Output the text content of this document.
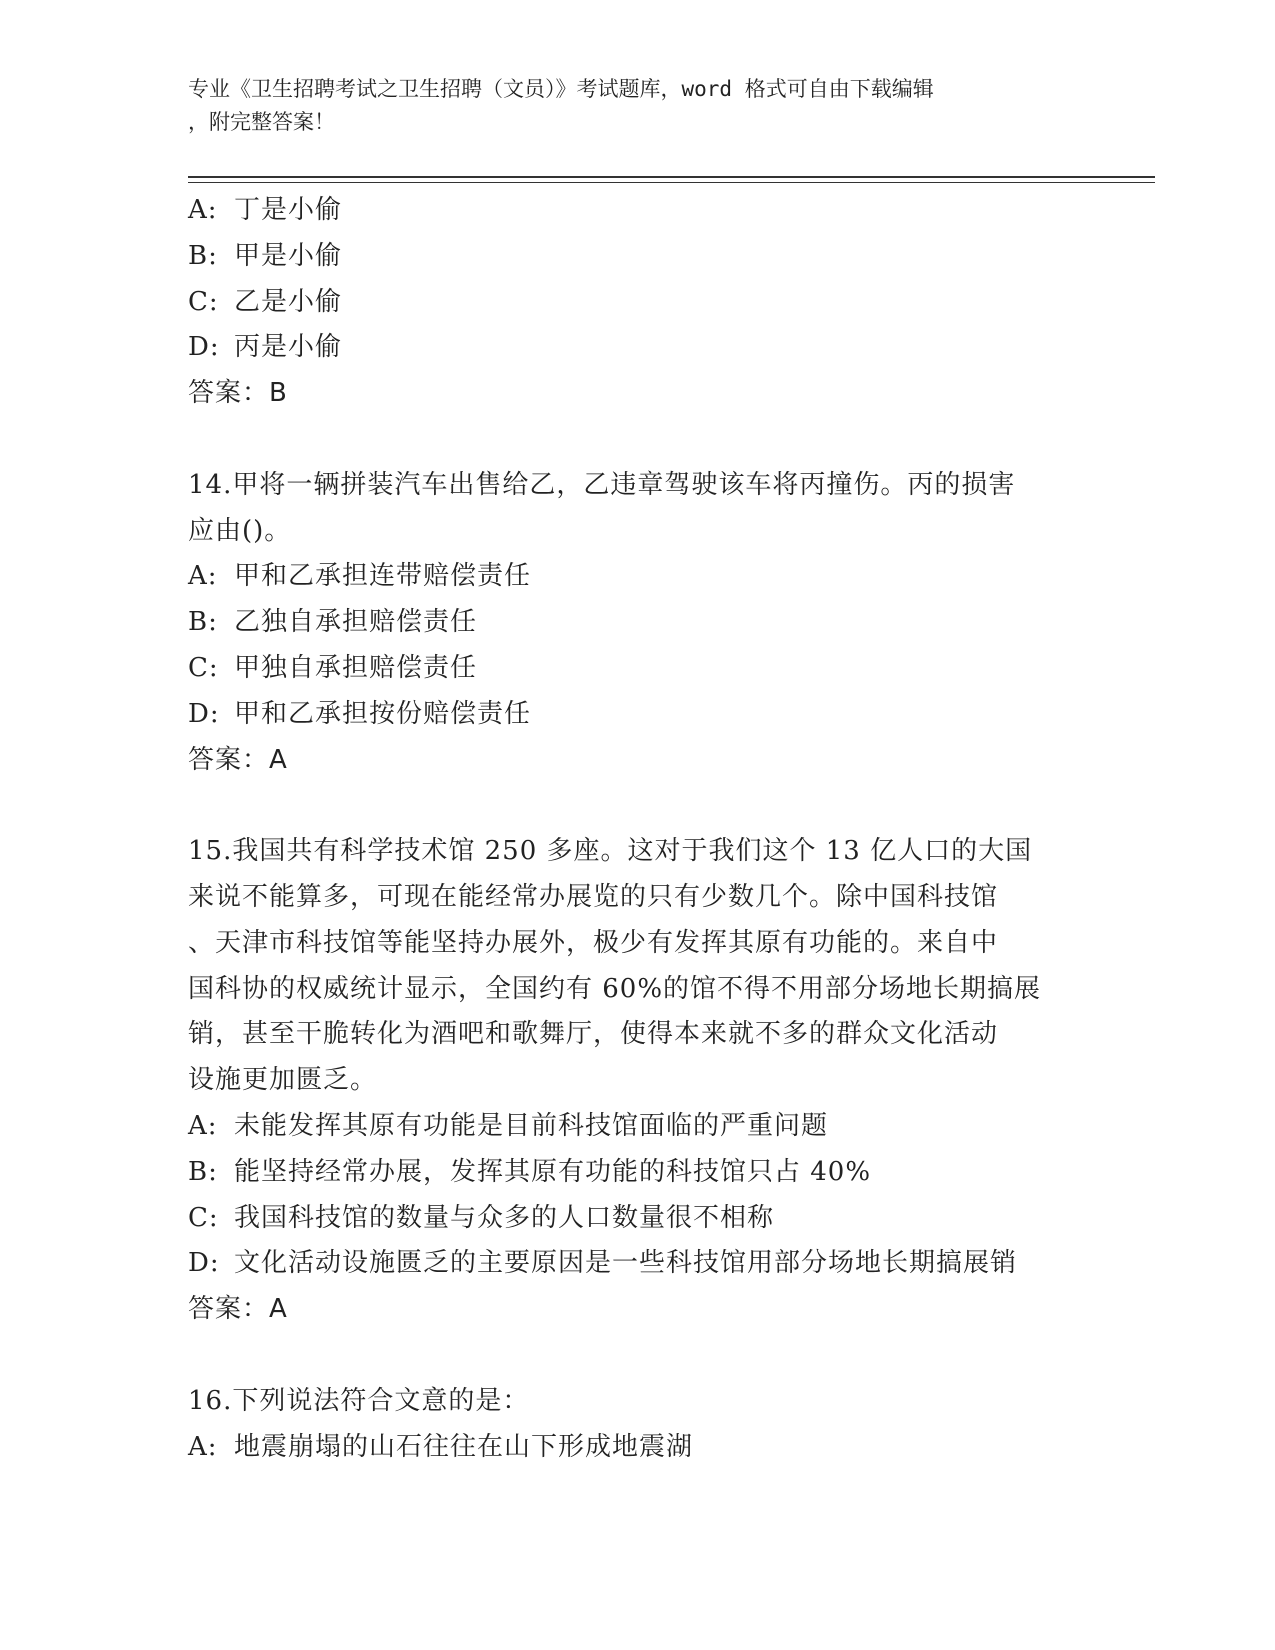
专业《卫生招聘考试之卫生招聘（文员）》考试题库，word 格式可自由下载编辑
，附完整答案！
A: 丁是小偷
B: 甲是小偷
C: 乙是小偷
D: 丙是小偷
答案：B
14.甲将一辆拼装汽车出售给乙，乙违章驾驶该车将丙撞伤。丙的损害
应由()。
A: 甲和乙承担连带赔偿责任
B: 乙独自承担赔偿责任
C: 甲独自承担赔偿责任
D: 甲和乙承担按份赔偿责任
答案：A
15.我国共有科学技术馆 250 多座。这对于我们这个 13 亿人口的大国
来说不能算多，可现在能经常办展览的只有少数几个。除中国科技馆
、天津市科技馆等能坚持办展外，极少有发挥其原有功能的。来自中
国科协的权威统计显示，全国约有 60%的馆不得不用部分场地长期搞展
销，甚至干脆转化为酒吧和歌舞厅，使得本来就不多的群众文化活动
设施更加匮乏。
A: 未能发挥其原有功能是目前科技馆面临的严重问题
B: 能坚持经常办展，发挥其原有功能的科技馆只占 40%
C: 我国科技馆的数量与众多的人口数量很不相称
D: 文化活动设施匮乏的主要原因是一些科技馆用部分场地长期搞展销
答案：A
16.下列说法符合文意的是：
A: 地震崩塌的山石往往在山下形成地震湖
